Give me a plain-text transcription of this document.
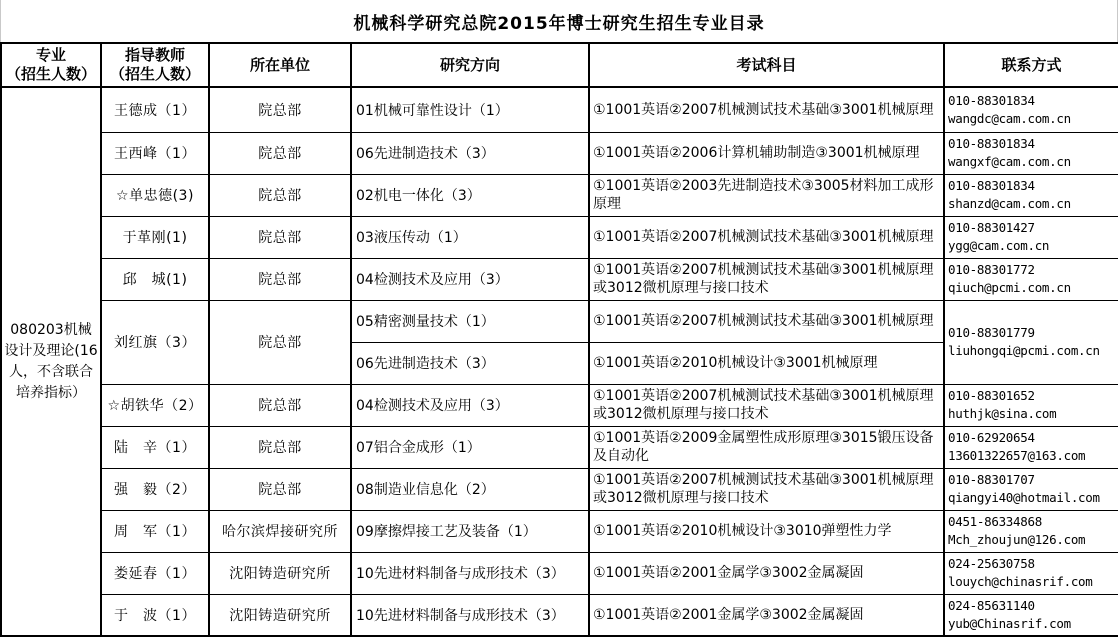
机械科学研究总院2015年博士研究生招生专业目录
专业
（招生人数）

指导教师
（招生人数）
	所在单位	研究方向	考试科目	联系方式
080203机械设计及理论(16人，不含联合培养指标）	王德成（1）	院总部	01机械可靠性设计（1）	①1001英语②2007机械测试技术基础③3001机械原理	010-88301834
wangdc@cam.com.cn

	王西峰（1）	院总部	06先进制造技术（3）	①1001英语②2006计算机辅助制造③3001机械原理	010-88301834
wangxf@cam.com.cn

	☆单忠德(3)	院总部	02机电一体化（3）	①1001英语②2003先进制造技术③3005材料加工成形原理	010-88301834
shanzd@cam.com.cn

	于革刚(1)	院总部	03液压传动（1）	①1001英语②2007机械测试技术基础③3001机械原理	010-88301427
ygg@cam.com.cn

	邱　城(1)	院总部	04检测技术及应用（3）	①1001英语②2007机械测试技术基础③3001机械原理或3012微机原理与接口技术	010-88301772
qiuch@pcmi.com.cn

	刘红旗（3）	院总部	05精密测量技术（1）	①1001英语②2007机械测试技术基础③3001机械原理	010-88301779
liuhongqi@pcmi.com.cn

			06先进制造技术（3）	①1001英语②2010机械设计③3001机械原理	
	☆胡铁华（2）	院总部	04检测技术及应用（3）	①1001英语②2007机械测试技术基础③3001机械原理或3012微机原理与接口技术	010-88301652
huthjk@sina.com

	陆　辛（1）	院总部	07铝合金成形（1）	①1001英语②2009金属塑性成形原理③3015锻压设备及自动化	010-62920654
13601322657@163.com

	强　毅（2）	院总部	08制造业信息化（2）	①1001英语②2007机械测试技术基础③3001机械原理或3012微机原理与接口技术	010-88301707
qiangyi40@hotmail.com

	周　军（1）	哈尔滨焊接研究所	09摩擦焊接工艺及装备（1）	①1001英语②2010机械设计③3010弹塑性力学	0451-86334868
Mch_zhoujun@126.com

	娄延春（1）	沈阳铸造研究所	10先进材料制备与成形技术（3）	①1001英语②2001金属学③3002金属凝固	024-25630758
louych@chinasrif.com

	于　波（1）	沈阳铸造研究所	10先进材料制备与成形技术（3）	①1001英语②2001金属学③3002金属凝固	024-85631140
yub@Chinasrif.com
